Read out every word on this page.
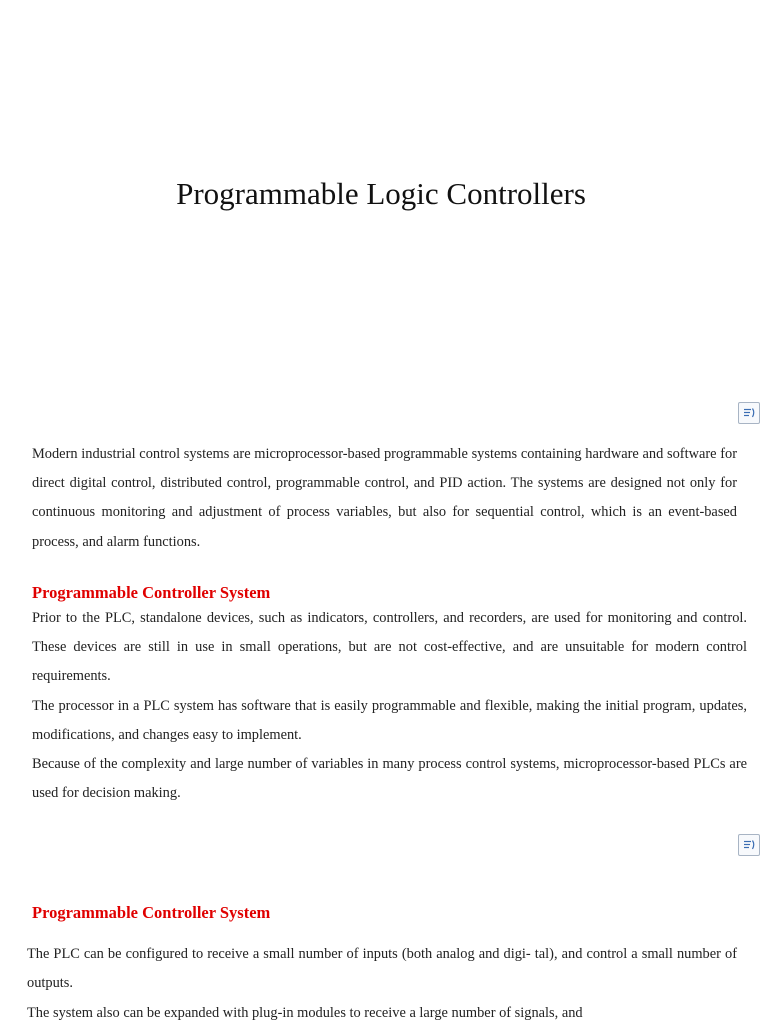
Programmable Logic Controllers

Modern industrial control systems are microprocessor-based programmable systems containing hardware and software for direct digital control, distributed control, programmable control, and PID action. The systems are designed not only for continuous monitoring and adjustment of process variables, but also for sequential control, which is an event-based process, and alarm functions.

Programmable Controller System

Prior to the PLC, standalone devices, such as indicators, controllers, and recorders, are used for monitoring and control. These devices are still in use in small operations, but are not cost-effective, and are unsuitable for modern control requirements.

The processor in a PLC system has software that is easily programmable and flexible, making the initial program, updates, modifications, and changes easy to implement.

Because of the complexity and large number of variables in many process control systems, microprocessor-based PLCs are used for decision making.

Programmable Controller System

The PLC can be configured to receive a small number of inputs (both analog and digi- tal), and control a small number of outputs.

The system also can be expanded with plug-in modules to receive a large number of signals, and
